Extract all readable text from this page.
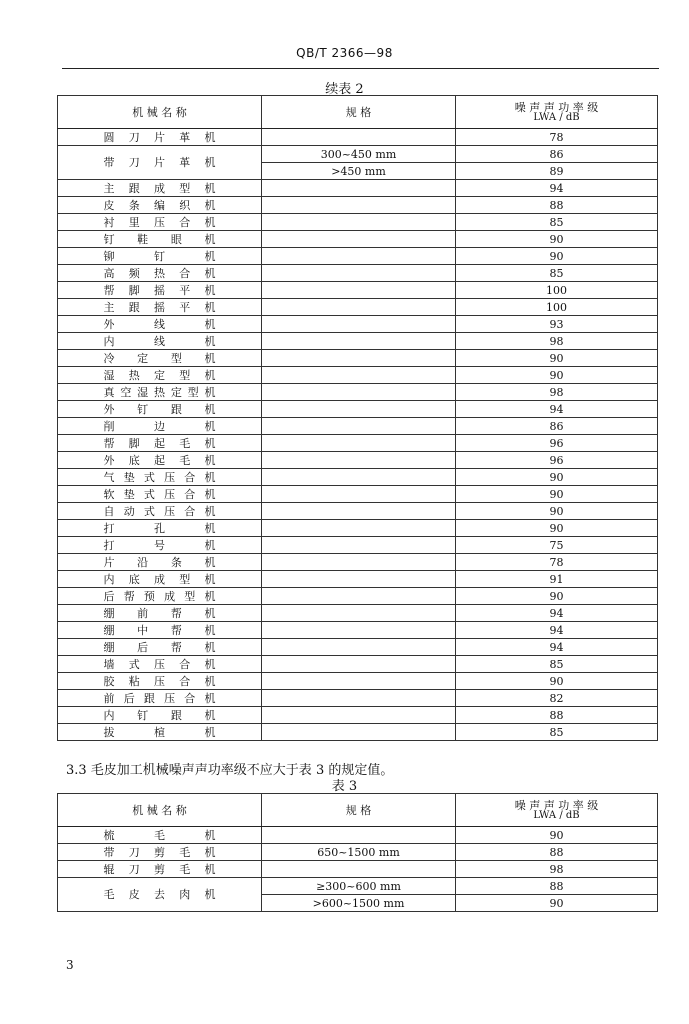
QB/T 2366—98
续表 2
机 械 名 称	规 格	噪 声 声 功 率 级
LWA / dB

圆刀片革机		78
带刀片革机	300~450 mm	86
	>450 mm	89
主跟成型机		94
皮条编织机		88
衬里压合机		85
钉鞋眼机		90
铆钉机		90
高频热合机		85
帮脚摇平机		100
主跟摇平机		100
外线机		93
内线机		98
冷定型机		90
湿热定型机		90
真空湿热定型机		98
外钉跟机		94
削边机		86
帮脚起毛机		96
外底起毛机		96
气垫式压合机		90
软垫式压合机		90
自动式压合机		90
打孔机		90
打号机		75
片沿条机		78
内底成型机		91
后帮预成型机		90
绷前帮机		94
绷中帮机		94
绷后帮机		94
墙式压合机		85
胶粘压合机		90
前后跟压合机		82
内钉跟机		88
拔楦机		85
3.3 毛皮加工机械噪声声功率级不应大于表 3 的规定值。
表 3
机 械 名 称	规 格	噪 声 声 功 率 级
LWA / dB

梳毛机		90
带刀剪毛机	650~1500 mm	88
辊刀剪毛机		98
毛皮去肉机	≥300~600 mm	88
	>600~1500 mm	90
3
